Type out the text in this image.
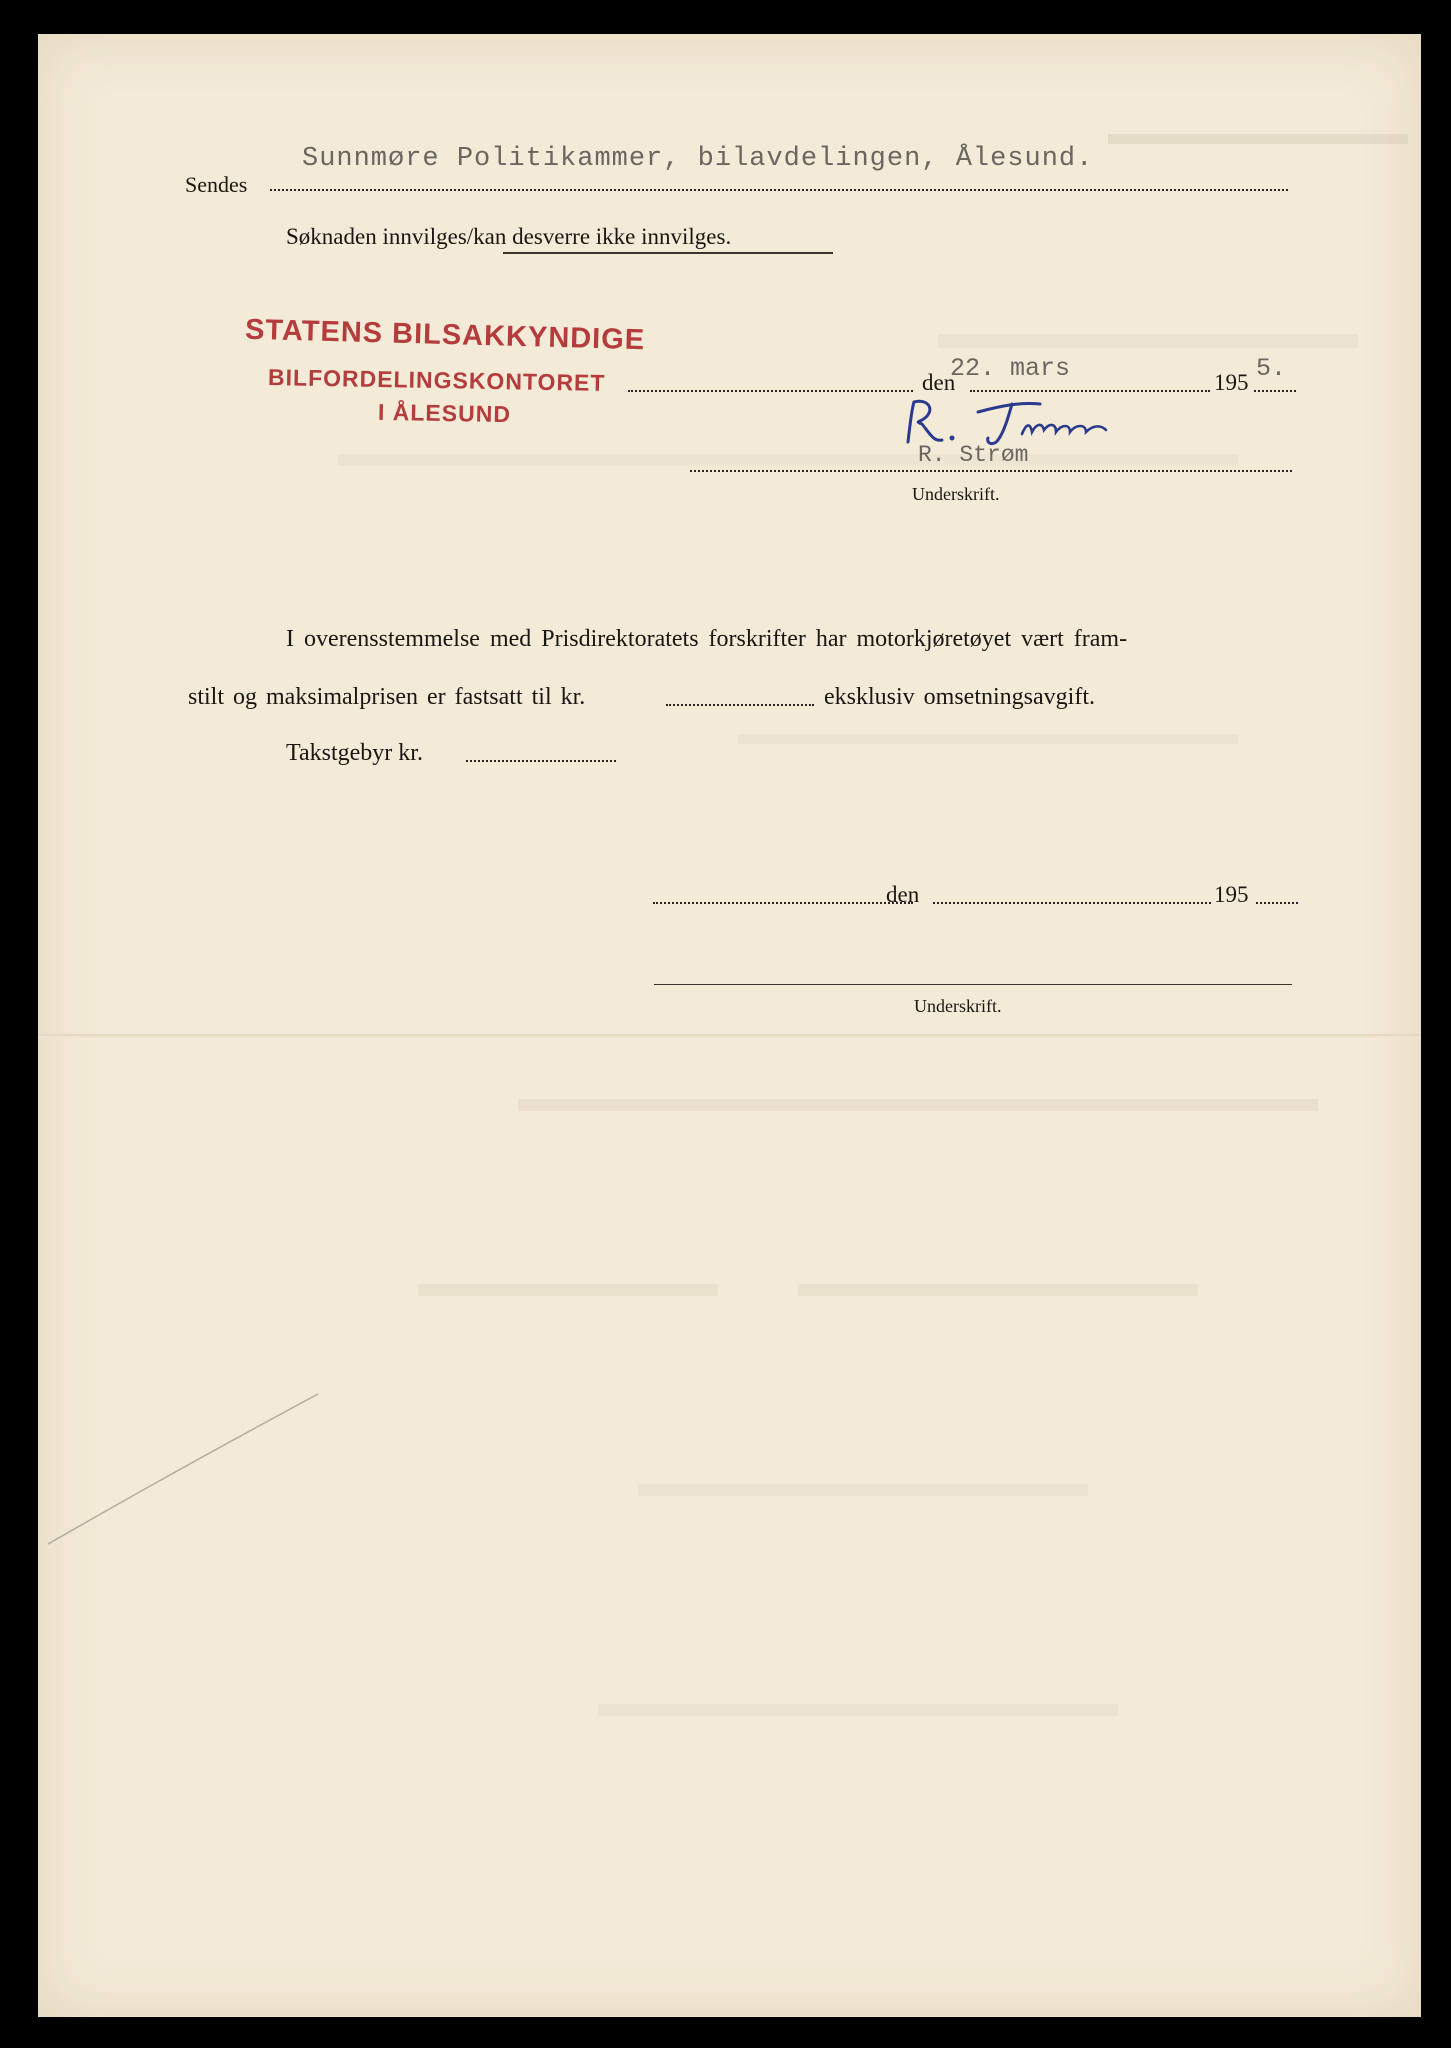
Sendes
Sunnmøre Politikammer, bilavdelingen, Ålesund.
Søknaden innvilges/kan desverre ikke innvilges.
STATENS BILSAKKYNDIGE
BILFORDELINGSKONTORET
I ÅLESUND
den
22. mars	195 5.
R. Strøm
Underskrift.
I overensstemmelse med Prisdirektoratets forskrifter har motorkjøretøyet vært fram-
stilt og maksimalprisen er fastsatt til kr.	eksklusiv omsetningsavgift.
Takstgebyr kr.
den	195
Underskrift.
